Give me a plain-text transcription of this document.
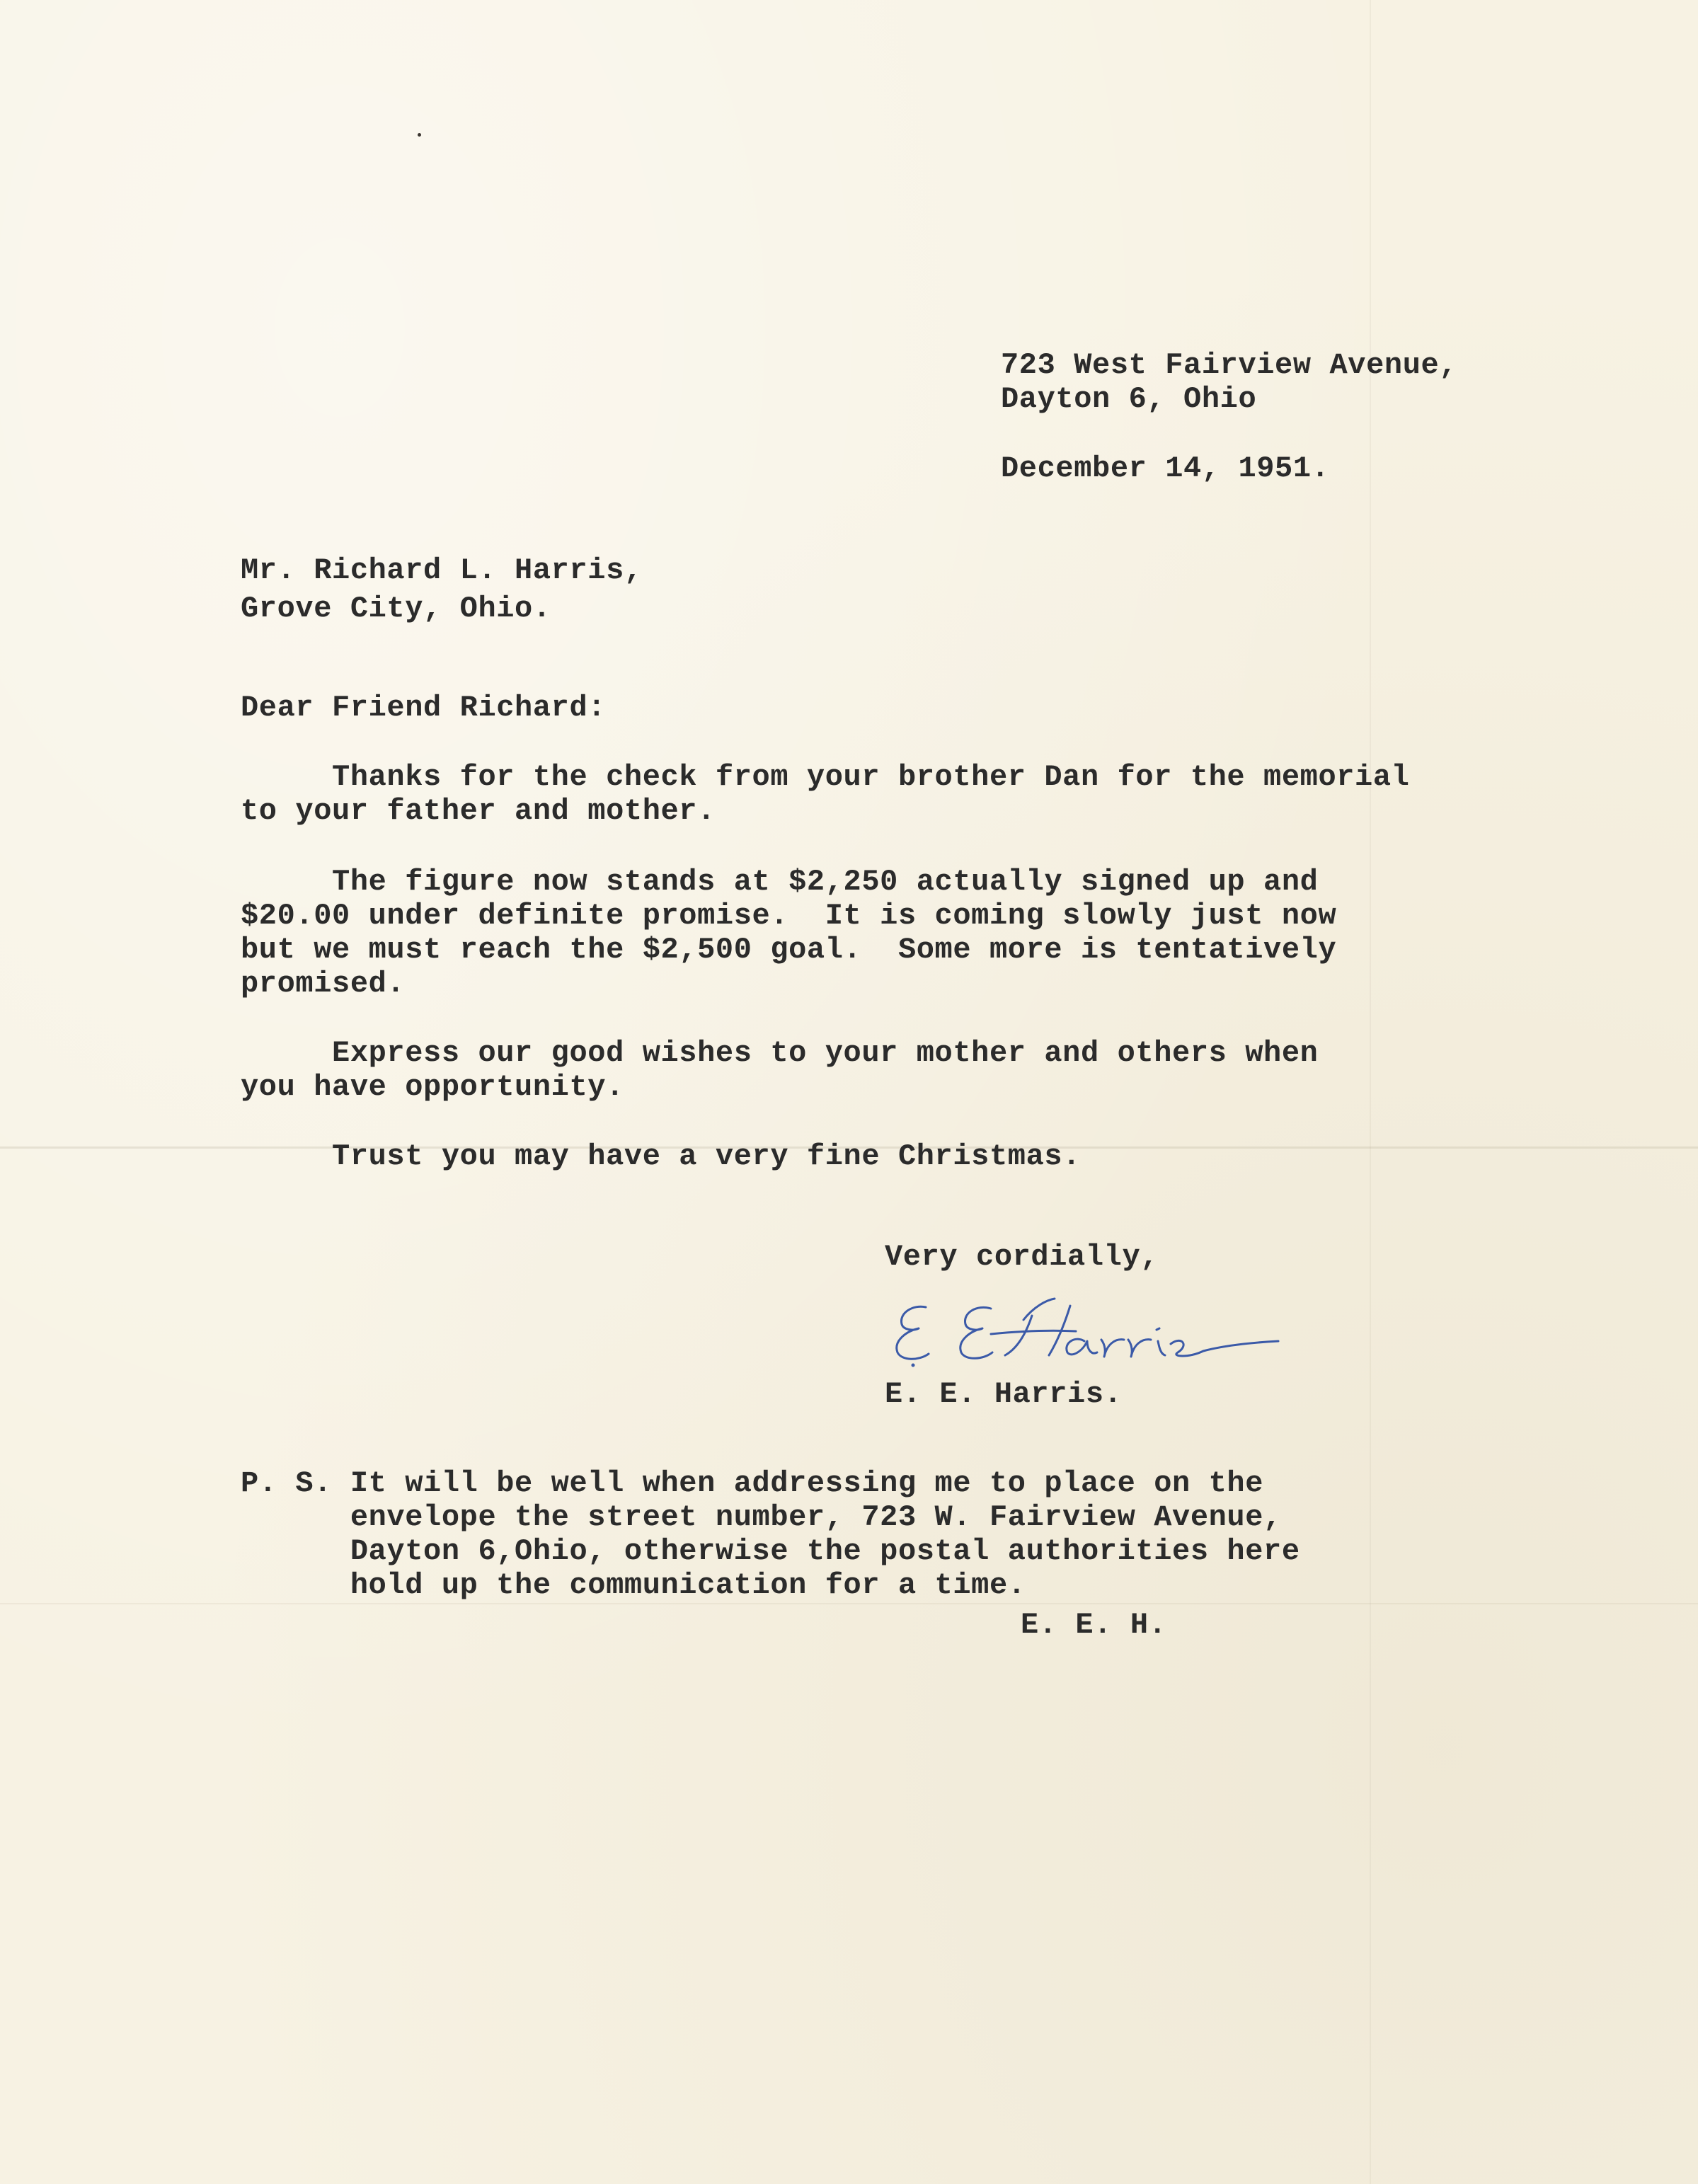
723 West Fairview Avenue,
Dayton 6, Ohio
December 14, 1951.
Mr. Richard L. Harris,
Grove City, Ohio.
Dear Friend Richard:
Thanks for the check from your brother Dan for the memorial
to your father and mother.
The figure now stands at $2,250 actually signed up and
$20.00 under definite promise.  It is coming slowly just now
but we must reach the $2,500 goal.  Some more is tentatively
promised.
Express our good wishes to your mother and others when
you have opportunity.
Trust you may have a very fine Christmas.
Very cordially,
E. E. Harris.
P. S. It will be well when addressing me to place on the
envelope the street number, 723 W. Fairview Avenue,
Dayton 6,Ohio, otherwise the postal authorities here
hold up the communication for a time.
E. E. H.
